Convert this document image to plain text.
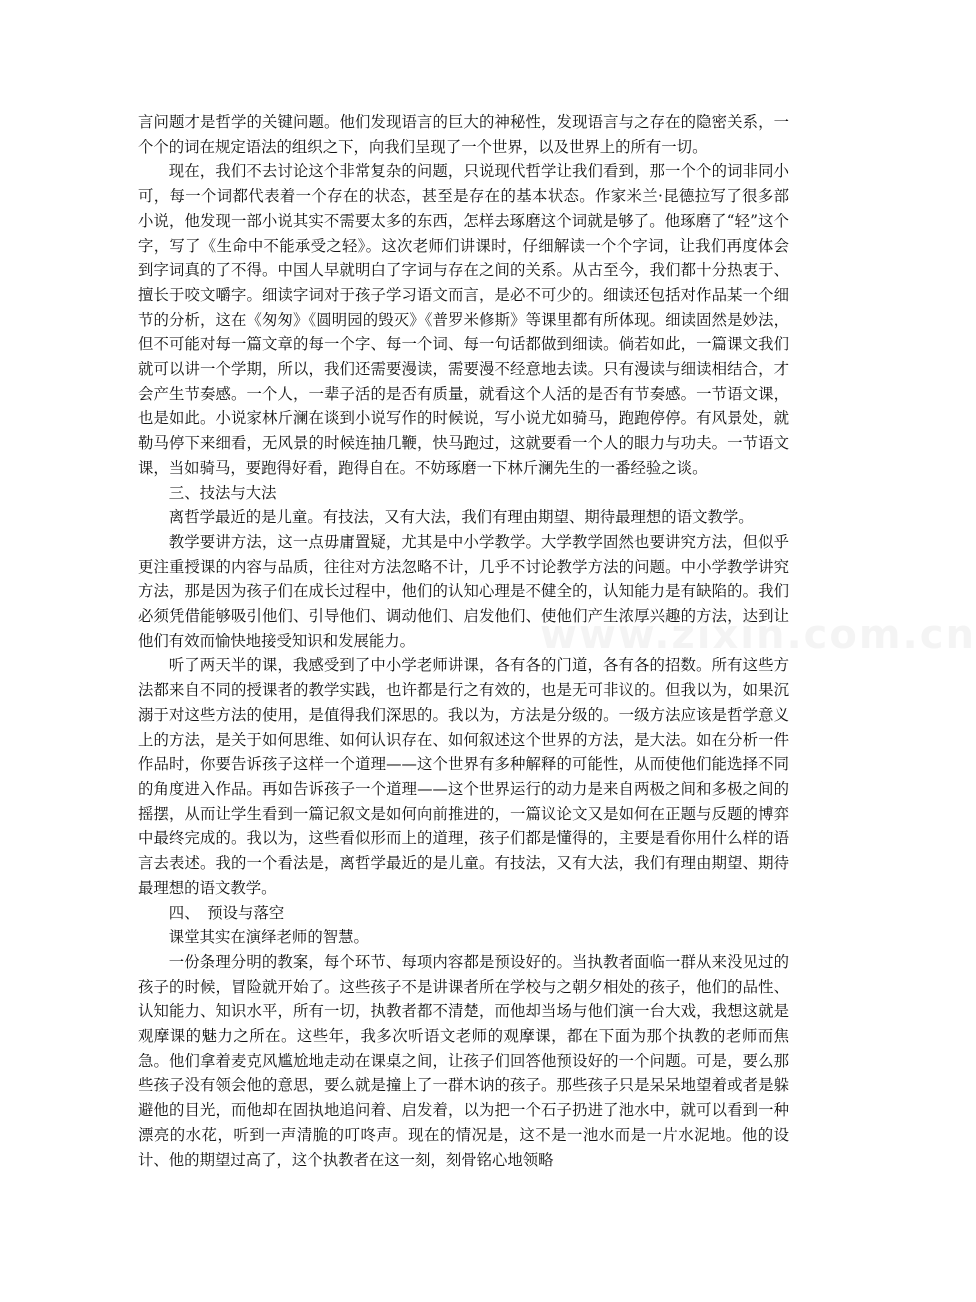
言问题才是哲学的关键问题。他们发现语言的巨大的神秘性，发现语言与之存在的隐密关系，一个个的词在规定语法的组织之下，向我们呈现了一个世界，以及世界上的所有一切。

现在，我们不去讨论这个非常复杂的问题，只说现代哲学让我们看到，那一个个的词非同小可，每一个词都代表着一个存在的状态，甚至是存在的基本状态。作家米兰·昆德拉写了很多部小说，他发现一部小说其实不需要太多的东西，怎样去琢磨这个词就是够了。他琢磨了“轻”这个字，写了《生命中不能承受之轻》。这次老师们讲课时，仔细解读一个个字词，让我们再度体会到字词真的了不得。中国人早就明白了字词与存在之间的关系。从古至今，我们都十分热衷于、擅长于咬文嚼字。细读字词对于孩子学习语文而言，是必不可少的。细读还包括对作品某一个细节的分析，这在《匆匆》《圆明园的毁灭》《普罗米修斯》等课里都有所体现。细读固然是妙法，但不可能对每一篇文章的每一个字、每一个词、每一句话都做到细读。倘若如此，一篇课文我们就可以讲一个学期，所以，我们还需要漫读，需要漫不经意地去读。只有漫读与细读相结合，才会产生节奏感。一个人，一辈子活的是否有质量，就看这个人活的是否有节奏感。一节语文课，也是如此。小说家林斤澜在谈到小说写作的时候说，写小说尤如骑马，跑跑停停。有风景处，就勒马停下来细看，无风景的时候连抽几鞭，快马跑过，这就要看一个人的眼力与功夫。一节语文课，当如骑马，要跑得好看，跑得自在。不妨琢磨一下林斤澜先生的一番经验之谈。

三、技法与大法

离哲学最近的是儿童。有技法，又有大法，我们有理由期望、期待最理想的语文教学。

教学要讲方法，这一点毋庸置疑，尤其是中小学教学。大学教学固然也要讲究方法，但似乎更注重授课的内容与品质，往往对方法忽略不计，几乎不讨论教学方法的问题。中小学教学讲究方法，那是因为孩子们在成长过程中，他们的认知心理是不健全的，认知能力是有缺陷的。我们必须凭借能够吸引他们、引导他们、调动他们、启发他们、使他们产生浓厚兴趣的方法，达到让他们有效而愉快地接受知识和发展能力。

听了两天半的课，我感受到了中小学老师讲课，各有各的门道，各有各的招数。所有这些方法都来自不同的授课者的教学实践，也许都是行之有效的，也是无可非议的。但我以为，如果沉溺于对这些方法的使用，是值得我们深思的。我以为，方法是分级的。一级方法应该是哲学意义上的方法，是关于如何思维、如何认识存在、如何叙述这个世界的方法，是大法。如在分析一件作品时，你要告诉孩子这样一个道理——这个世界有多种解释的可能性，从而使他们能选择不同的角度进入作品。再如告诉孩子一个道理——这个世界运行的动力是来自两极之间和多极之间的摇摆，从而让学生看到一篇记叙文是如何向前推进的，一篇议论文又是如何在正题与反题的博弈中最终完成的。我以为，这些看似形而上的道理，孩子们都是懂得的，主要是看你用什么样的语言去表述。我的一个看法是，离哲学最近的是儿童。有技法，又有大法，我们有理由期望、期待最理想的语文教学。

四、　预设与落空

课堂其实在演绎老师的智慧。

一份条理分明的教案，每个环节、每项内容都是预设好的。当执教者面临一群从来没见过的孩子的时候，冒险就开始了。这些孩子不是讲课者所在学校与之朝夕相处的孩子，他们的品性、认知能力、知识水平，所有一切，执教者都不清楚，而他却当场与他们演一台大戏，我想这就是观摩课的魅力之所在。这些年，我多次听语文老师的观摩课，都在下面为那个执教的老师而焦急。他们拿着麦克风尴尬地走动在课桌之间，让孩子们回答他预设好的一个问题。可是，要么那些孩子没有领会他的意思，要么就是撞上了一群木讷的孩子。那些孩子只是呆呆地望着或者是躲避他的目光，而他却在固执地追问着、启发着，以为把一个石子扔进了池水中，就可以看到一种漂亮的水花，听到一声清脆的叮咚声。现在的情况是，这不是一池水而是一片水泥地。他的设计、他的期望过高了，这个执教者在这一刻，刻骨铭心地领略

www.zixin.com.cn
